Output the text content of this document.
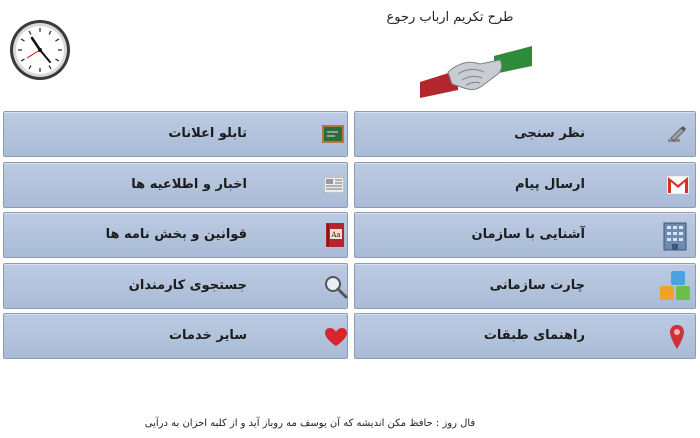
طرح تکریم ارباب رجوع
نظر سنجی
ارسال پیام
آشنایی با سازمان
چارت سازمانی
راهنمای طبقات
تابلو اعلانات
اخبار و اطلاعیه ها
قوانین و بخش نامه ها	Aa
جستجوی کارمندان
سایر خدمات
فال روز : حافظ مکن اندیشه که آن یوسف مه روباز آید و از کلبه احزان به درآیی
